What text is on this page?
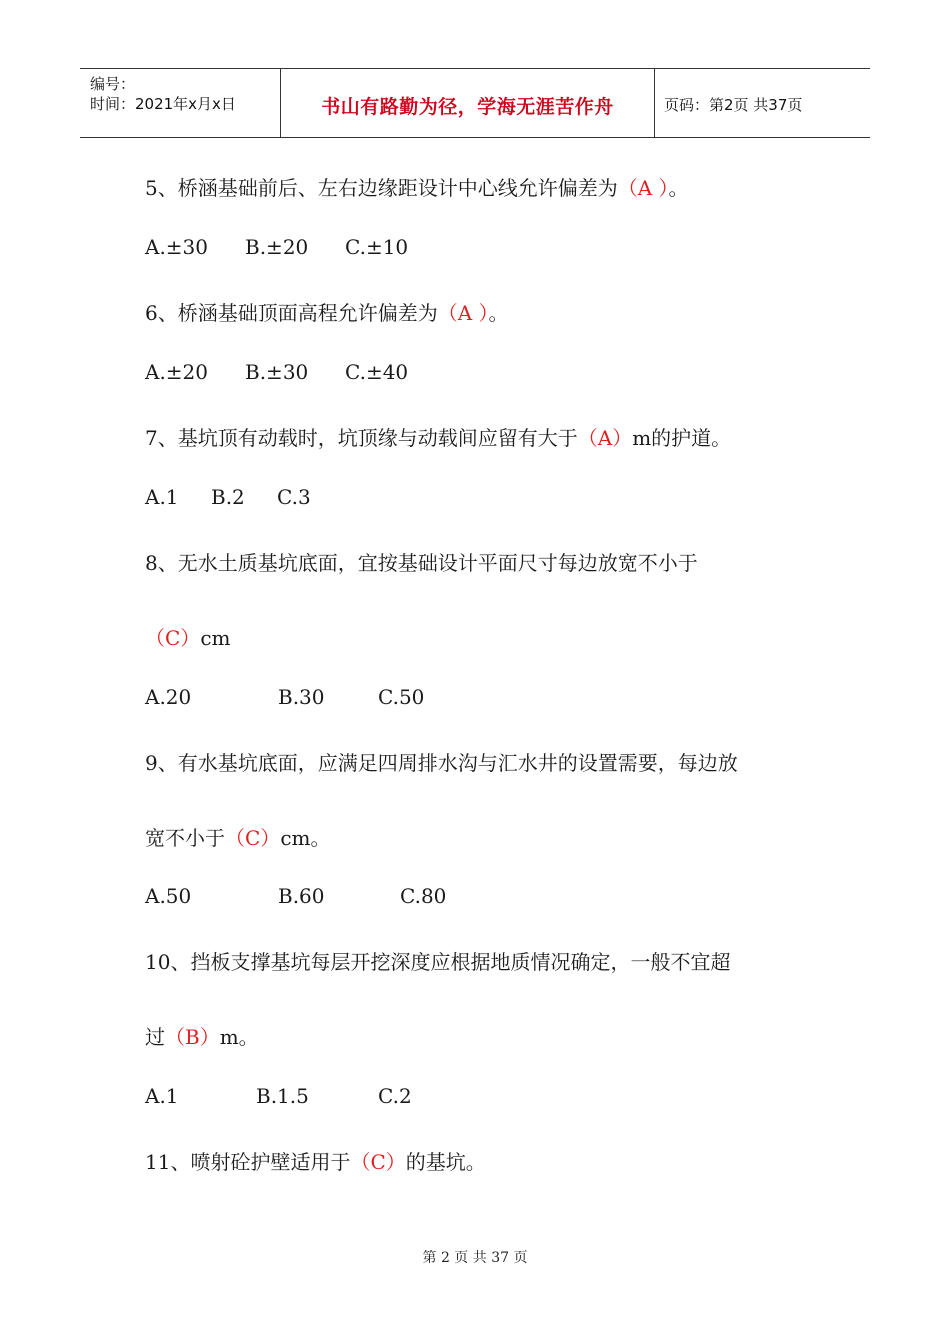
编号：
时间：2021年x月x日	书山有路勤为径，学海无涯苦作舟	页码：第2页 共37页
5、桥涵基础前后、左右边缘距设计中心线允许偏差为（A ）。
A.±30 B.±20 C.±10
6、桥涵基础顶面高程允许偏差为（A ）。
A.±20 B.±30 C.±40
7、基坑顶有动载时，坑顶缘与动载间应留有大于（A）m的护道。
A.1 B.2 C.3
8、无水土质基坑底面，宜按基础设计平面尺寸每边放宽不小于
（C）cm
A.20	B.30	C.50
9、有水基坑底面，应满足四周排水沟与汇水井的设置需要，每边放
宽不小于（C）cm。
A.50	B.60	C.80
10、挡板支撑基坑每层开挖深度应根据地质情况确定，一般不宜超
过（B）m。
A.1	B.1.5	C.2
11、喷射砼护壁适用于（C）的基坑。
第 2 页 共 37 页
